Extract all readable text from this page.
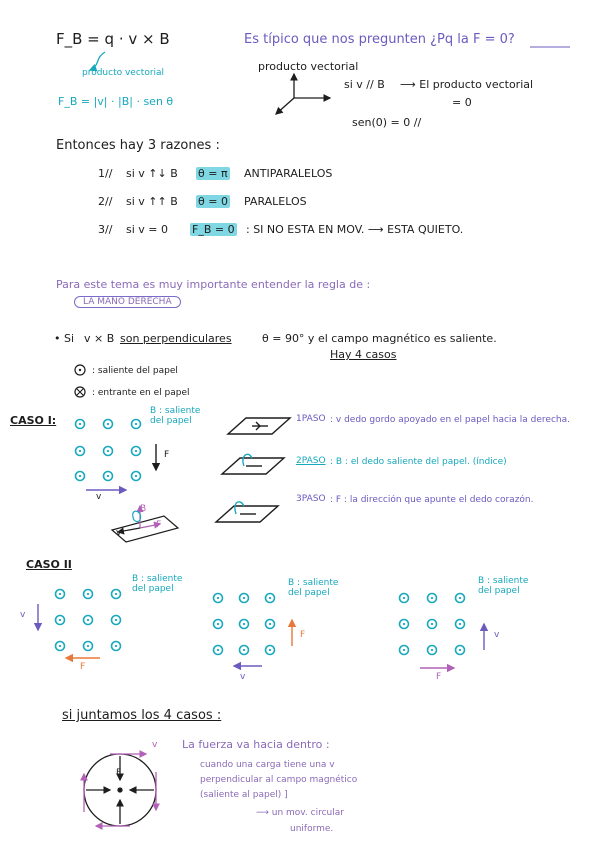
F_B = q · v × B
producto vectorial
F_B = |v| · |B| · sen θ
Es típico que nos pregunten ¿Pq la F = 0?
producto vectorial
si v // B ⟶ El producto vectorial
= 0
sen(0) = 0 //
Entonces hay 3 razones :
1// si v ↑↓ B θ = π ANTIPARALELOS
2// si v ↑↑ B θ = 0 PARALELOS
3// si v = 0 F_B = 0 : SI NO ESTA EN MOV. ⟶ ESTA QUIETO.
Para este tema es muy importante entender la regla de :
LA MANO DERECHA
• Si v × B son perpendiculares	θ = 90° y el campo magnético es saliente.
Hay 4 casos
: saliente del papel
: entrante en el papel
CASO I:
B : saliente del papel
F
v
1PASO : v dedo gordo apoyado en el papel hacia la derecha.
2PASO : B : el dedo saliente del papel. (índice)
3PASO : F : la dirección que apunte el dedo corazón.
B
v
F
CASO II
B : saliente del papel
B : saliente del papel
B : saliente del papel
v
F
v
F	v
F
si juntamos los 4 casos :
La fuerza va hacia dentro :
cuando una carga tiene una v
perpendicular al campo magnético
(saliente al papel) ]
⟶ un mov. circular
uniforme.
F
v
